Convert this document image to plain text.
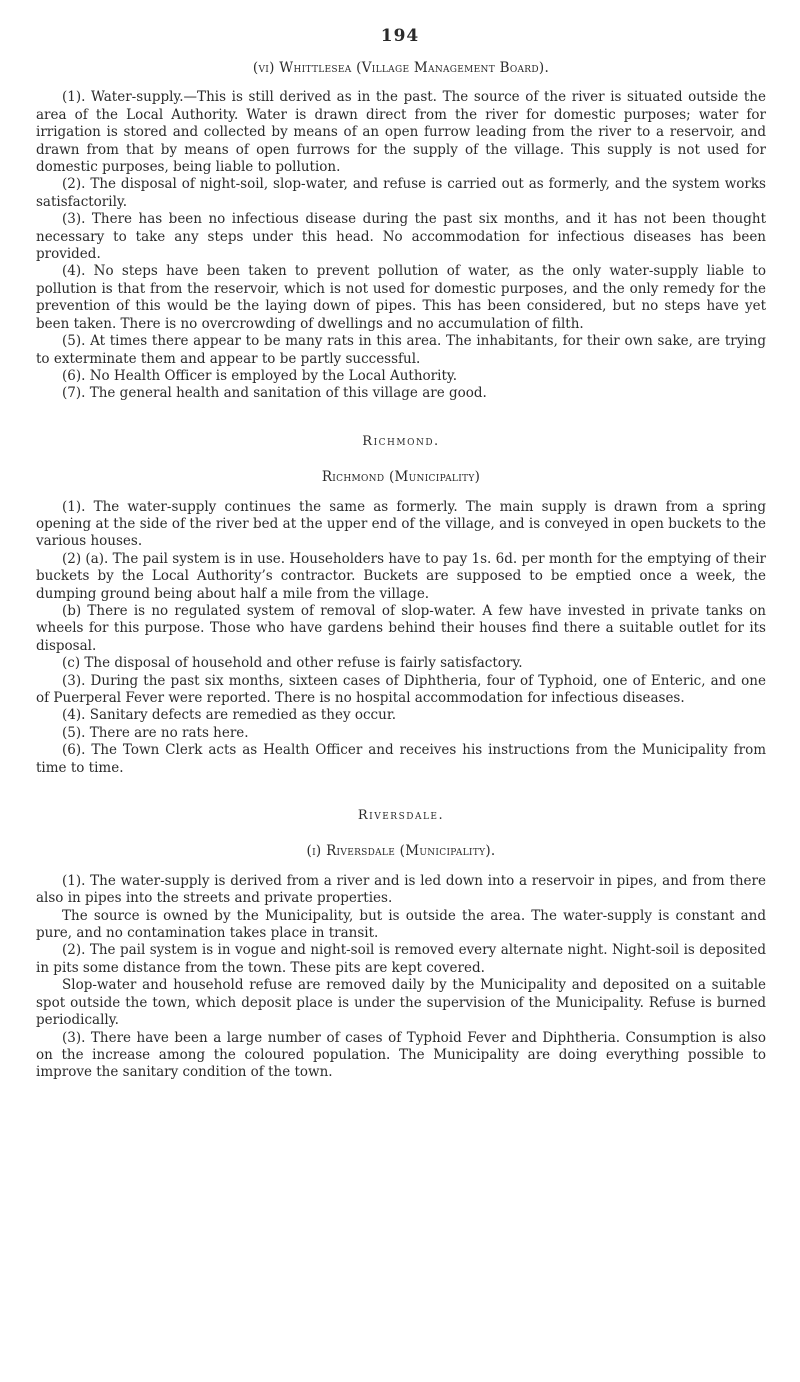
194
(vi) Whittlesea (Village Management Board).

(1). Water-supply.—This is still derived as in the past. The source of the river is situated outside the area of the Local Authority. Water is drawn direct from the river for domestic purposes; water for irrigation is stored and collected by means of an open furrow leading from the river to a reservoir, and drawn from that by means of open furrows for the supply of the village. This supply is not used for domestic purposes, being liable to pollution.

(2). The disposal of night-soil, slop-water, and refuse is carried out as formerly, and the system works satisfactorily.

(3). There has been no infectious disease during the past six months, and it has not been thought necessary to take any steps under this head. No accommodation for infectious diseases has been provided.

(4). No steps have been taken to prevent pollution of water, as the only water-supply liable to pollution is that from the reservoir, which is not used for domestic purposes, and the only remedy for the prevention of this would be the laying down of pipes. This has been considered, but no steps have yet been taken. There is no overcrowding of dwellings and no accumulation of filth.

(5). At times there appear to be many rats in this area. The inhabitants, for their own sake, are trying to exterminate them and appear to be partly successful.

(6). No Health Officer is employed by the Local Authority.

(7). The general health and sanitation of this village are good.

Richmond.
Richmond (Municipality)

(1). The water-supply continues the same as formerly. The main supply is drawn from a spring opening at the side of the river bed at the upper end of the village, and is conveyed in open buckets to the various houses.

(2) (a). The pail system is in use. Householders have to pay 1s. 6d. per month for the emptying of their buckets by the Local Authority’s contractor. Buckets are supposed to be emptied once a week, the dumping ground being about half a mile from the village.

(b) There is no regulated system of removal of slop-water. A few have invested in private tanks on wheels for this purpose. Those who have gardens behind their houses find there a suitable outlet for its disposal.

(c) The disposal of household and other refuse is fairly satisfactory.

(3). During the past six months, sixteen cases of Diphtheria, four of Typhoid, one of Enteric, and one of Puerperal Fever were reported. There is no hospital accommodation for infectious diseases.

(4). Sanitary defects are remedied as they occur.

(5). There are no rats here.

(6). The Town Clerk acts as Health Officer and receives his instructions from the Municipality from time to time.

Riversdale.
(i) Riversdale (Municipality).

(1). The water-supply is derived from a river and is led down into a reservoir in pipes, and from there also in pipes into the streets and private properties.

The source is owned by the Municipality, but is outside the area. The water-supply is constant and pure, and no contamination takes place in transit.

(2). The pail system is in vogue and night-soil is removed every alternate night. Night-soil is deposited in pits some distance from the town. These pits are kept covered.

Slop-water and household refuse are removed daily by the Municipality and deposited on a suitable spot outside the town, which deposit place is under the supervision of the Municipality. Refuse is burned periodically.

(3). There have been a large number of cases of Typhoid Fever and Diphtheria. Consumption is also on the increase among the coloured population. The Municipality are doing everything possible to improve the sanitary condition of the town.
